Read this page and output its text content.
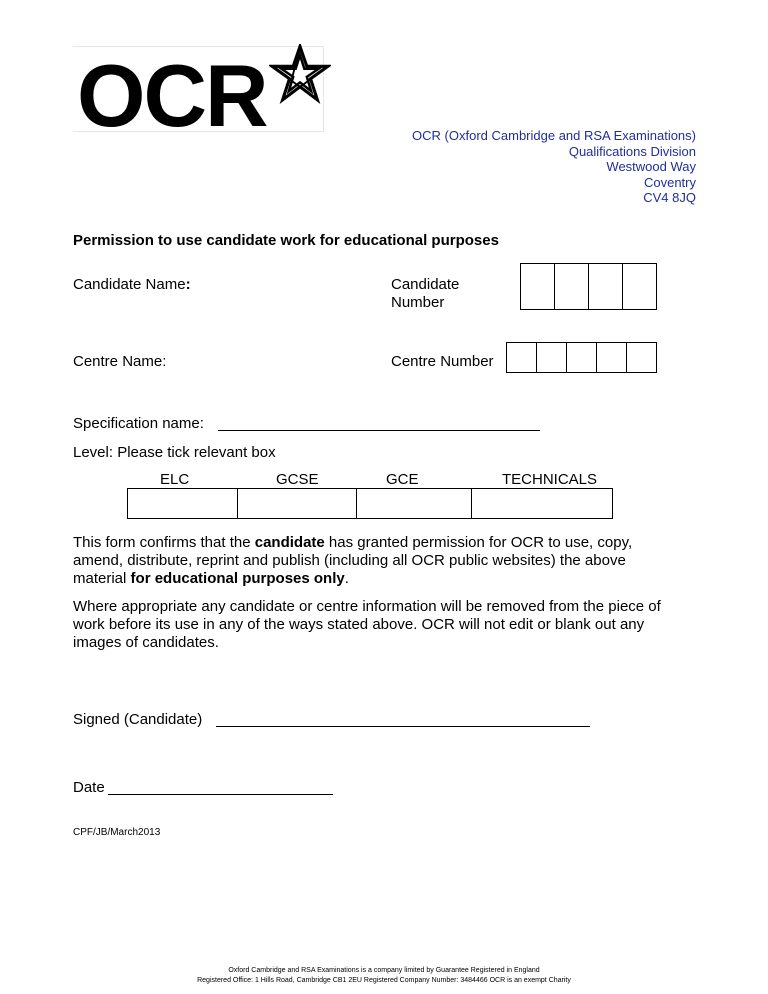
OCR	OCR (Oxford Cambridge and RSA Examinations)
Qualifications Division
Westwood Way
Coventry
CV4 8JQ
Permission to use candidate work for educational purposes
Candidate Name:	Candidate
Number
Centre Name:	Centre Number
Specification name:
Level: Please tick relevant box
ELC	GCSE	GCE	TECHNICALS
This form confirms that the candidate has granted permission for OCR to use, copy, amend, distribute, reprint and publish (including all OCR public websites) the above material for educational purposes only.
Where appropriate any candidate or centre information will be removed from the piece of work before its use in any of the ways stated above. OCR will not edit or blank out any images of candidates.
Signed (Candidate)
Date
CPF/JB/March2013
Oxford Cambridge and RSA Examinations is a company limited by Guarantee Registered in England
Registered Office: 1 Hills Road, Cambridge CB1 2EU Registered Company Number: 3484466 OCR is an exempt Charity
